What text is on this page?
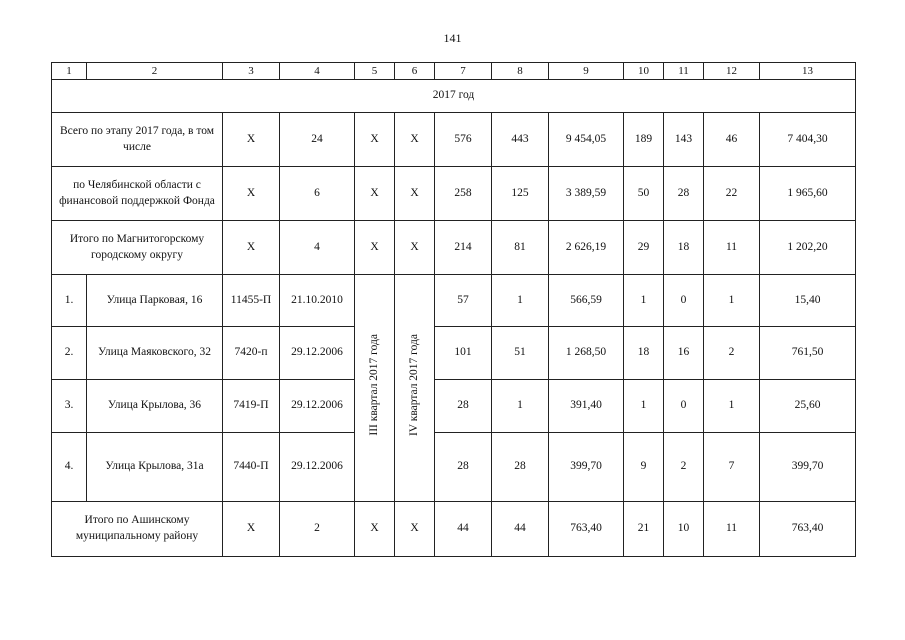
141
1	2	3	4	5	6	7	8	9	10	11	12	13
2017 год												
Всего по этапу 2017 года, в том числе		Х	24	Х	Х	576	443	9 454,05	189	143	46	7 404,30
по Челябинской области с финансовой поддержкой Фонда		Х	6	Х	Х	258	125	3 389,59	50	28	22	1 965,60
Итого по Магнитогорскому городскому округу		Х	4	Х	Х	214	81	2 626,19	29	18	11	1 202,20
1.	Улица Парковая, 16	11455-П	21.10.2010	III квартал 2017 года	IV квартал 2017 года	57	1	566,59	1	0	1	15,40
2.	Улица Маяковского, 32	7420-п	29.12.2006			101	51	1 268,50	18	16	2	761,50
3.	Улица Крылова, 36	7419-П	29.12.2006			28	1	391,40	1	0	1	25,60
4.	Улица Крылова, 31а	7440-П	29.12.2006			28	28	399,70	9	2	7	399,70
Итого по Ашинскому муниципальному району		Х	2	Х	Х	44	44	763,40	21	10	11	763,40
